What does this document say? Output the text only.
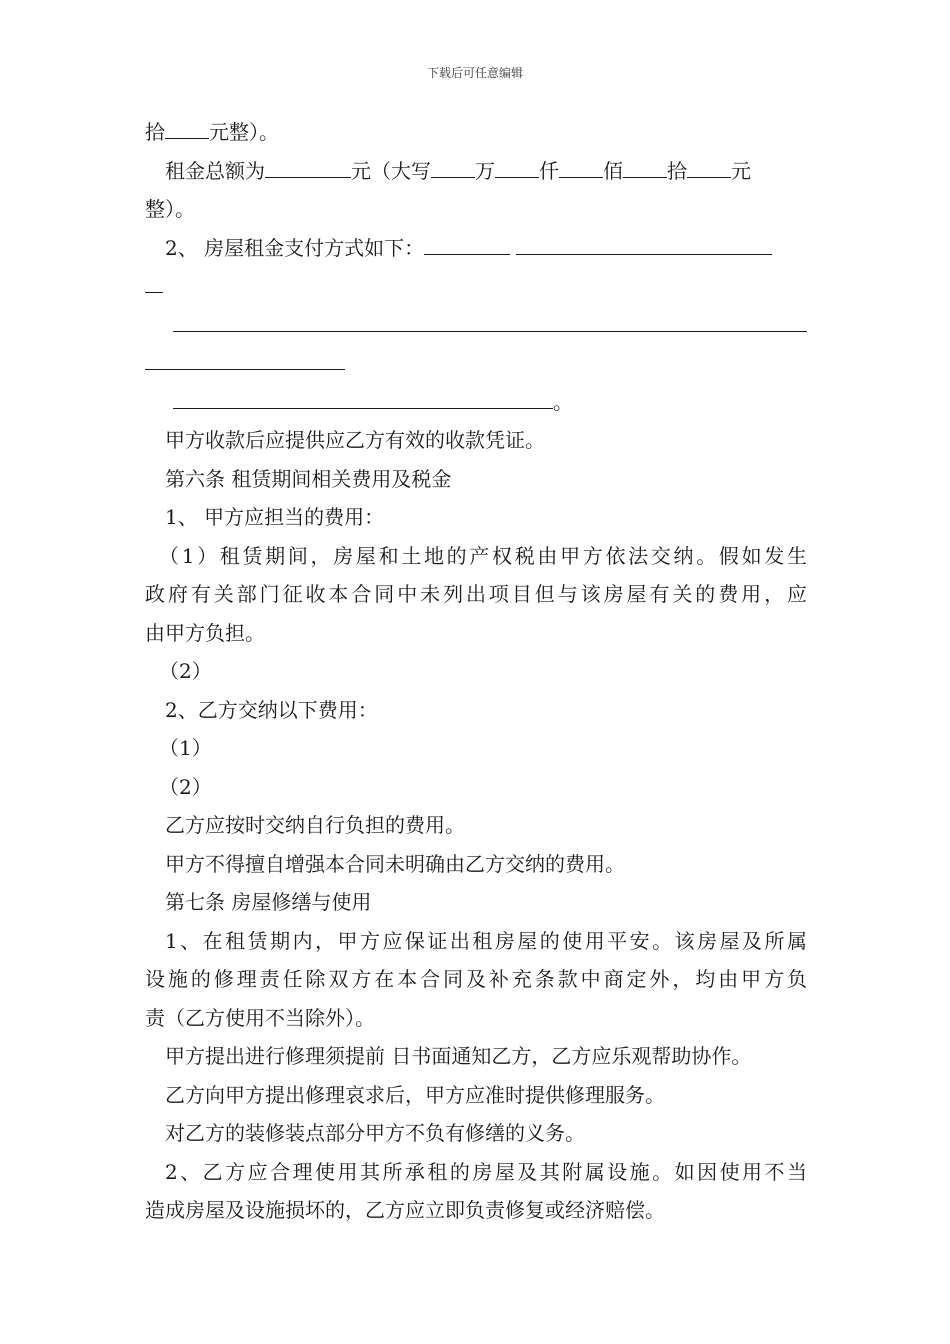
下载后可任意编辑
拾 元整）。
租金总额为	元（大写 万 仟 佰 拾 元
整）。
2、 房屋租金支付方式如下：
。
甲方收款后应提供应乙方有效的收款凭证。
第六条 租赁期间相关费用及税金
1、 甲方应担当的费用：
（1）租赁期间，房屋和土地的产权税由甲方依法交纳。假如发生
政府有关部门征收本合同中未列出项目但与该房屋有关的费用，应
由甲方负担。
（2）
2、乙方交纳以下费用：
（1）
（2）
乙方应按时交纳自行负担的费用。
甲方不得擅自增强本合同未明确由乙方交纳的费用。
第七条 房屋修缮与使用
1、在租赁期内，甲方应保证出租房屋的使用平安。该房屋及所属
设施的修理责任除双方在本合同及补充条款中商定外，均由甲方负
责（乙方使用不当除外）。
甲方提出进行修理须提前 日书面通知乙方，乙方应乐观帮助协作。
乙方向甲方提出修理哀求后，甲方应准时提供修理服务。
对乙方的装修装点部分甲方不负有修缮的义务。
2、乙方应合理使用其所承租的房屋及其附属设施。如因使用不当
造成房屋及设施损坏的，乙方应立即负责修复或经济赔偿。
